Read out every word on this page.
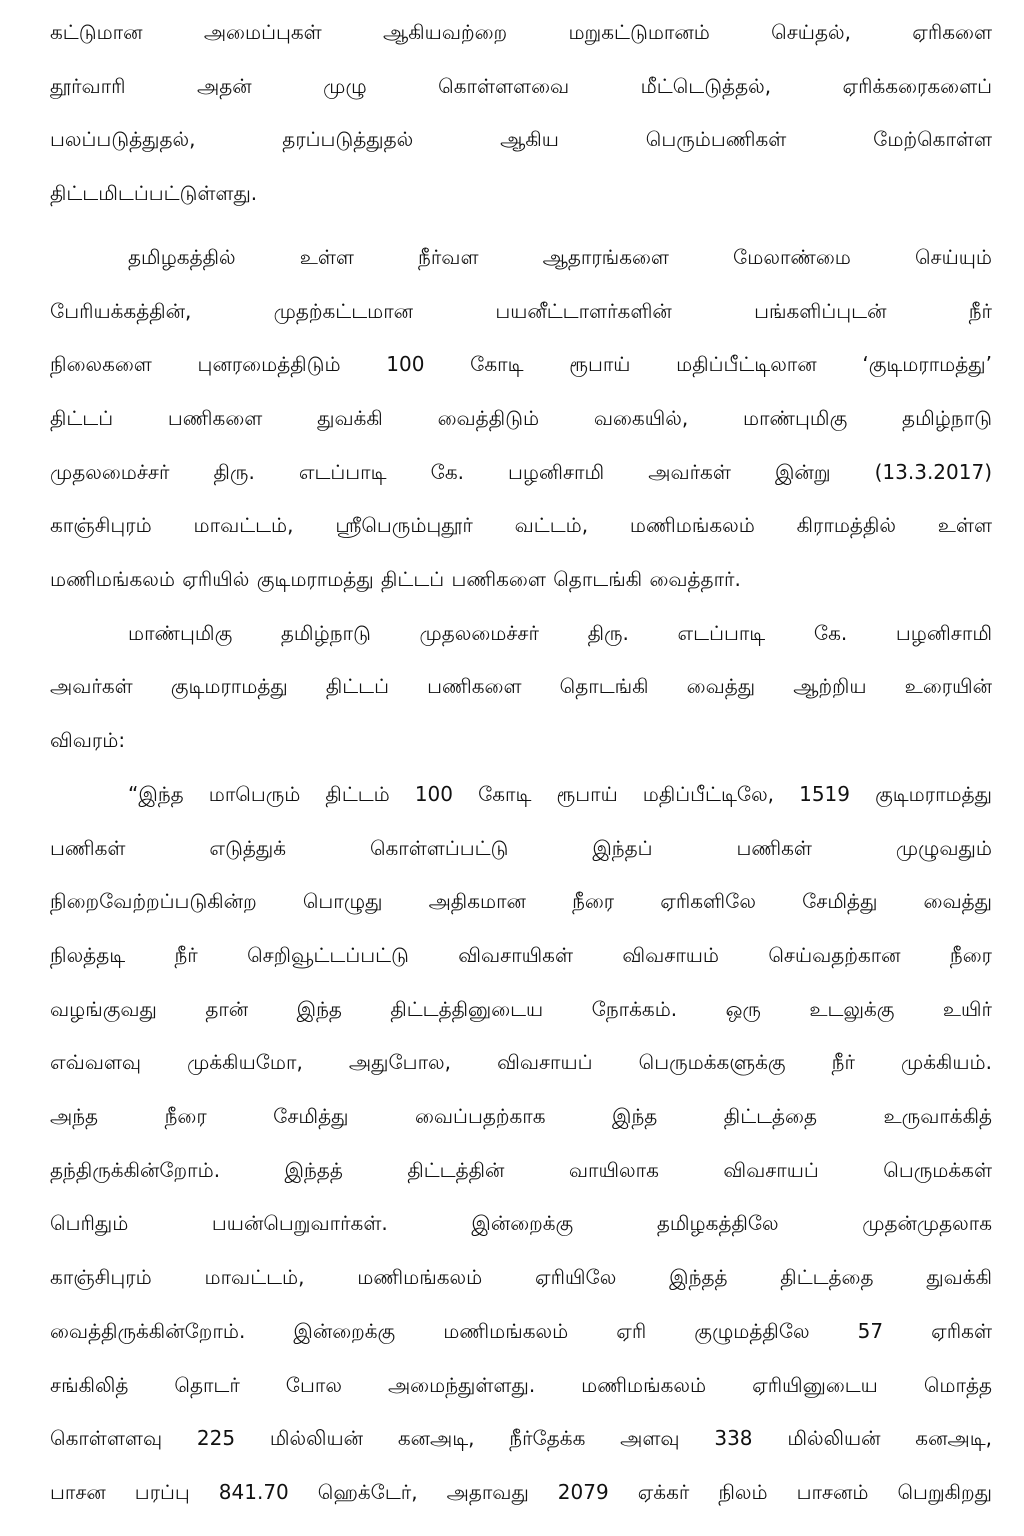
கட்டுமான அமைப்புகள் ஆகியவற்றை மறுகட்டுமானம் செய்தல், ஏரிகளை
தூர்வாரி அதன் முழு கொள்ளளவை மீட்டெடுத்தல், ஏரிக்கரைகளைப்
பலப்படுத்துதல், தரப்படுத்துதல் ஆகிய பெரும்பணிகள் மேற்கொள்ள
திட்டமிடப்பட்டுள்ளது.

தமிழகத்தில் உள்ள நீர்வள ஆதாரங்களை மேலாண்மை செய்யும்
பேரியக்கத்தின், முதற்கட்டமான பயனீட்டாளர்களின் பங்களிப்புடன் நீர்
நிலைகளை புனரமைத்திடும் 100 கோடி ரூபாய் மதிப்பீட்டிலான ‘குடிமராமத்து’
திட்டப் பணிகளை துவக்கி வைத்திடும் வகையில், மாண்புமிகு தமிழ்நாடு
முதலமைச்சர் திரு. எடப்பாடி கே. பழனிசாமி அவர்கள் இன்று (13.3.2017)
காஞ்சிபுரம் மாவட்டம், ஸ்ரீபெரும்புதூர் வட்டம், மணிமங்கலம் கிராமத்தில் உள்ள
மணிமங்கலம் ஏரியில் குடிமராமத்து திட்டப் பணிகளை தொடங்கி வைத்தார்.

மாண்புமிகு தமிழ்நாடு முதலமைச்சர் திரு. எடப்பாடி கே. பழனிசாமி
அவர்கள் குடிமராமத்து திட்டப் பணிகளை தொடங்கி வைத்து ஆற்றிய உரையின்
விவரம்:

“இந்த மாபெரும் திட்டம் 100 கோடி ரூபாய் மதிப்பீட்டிலே, 1519 குடிமராமத்து
பணிகள் எடுத்துக் கொள்ளப்பட்டு இந்தப் பணிகள் முழுவதும்
நிறைவேற்றப்படுகின்ற பொழுது அதிகமான நீரை ஏரிகளிலே சேமித்து வைத்து
நிலத்தடி நீர் செறிவூட்டப்பட்டு விவசாயிகள் விவசாயம் செய்வதற்கான நீரை
வழங்குவது தான் இந்த திட்டத்தினுடைய நோக்கம். ஒரு உடலுக்கு உயிர்
எவ்வளவு முக்கியமோ, அதுபோல, விவசாயப் பெருமக்களுக்கு நீர் முக்கியம்.
அந்த நீரை சேமித்து வைப்பதற்காக இந்த திட்டத்தை உருவாக்கித்
தந்திருக்கின்றோம். இந்தத் திட்டத்தின் வாயிலாக விவசாயப் பெருமக்கள்
பெரிதும் பயன்பெறுவார்கள். இன்றைக்கு தமிழகத்திலே முதன்முதலாக
காஞ்சிபுரம் மாவட்டம், மணிமங்கலம் ஏரியிலே இந்தத் திட்டத்தை துவக்கி
வைத்திருக்கின்றோம். இன்றைக்கு மணிமங்கலம் ஏரி குழுமத்திலே 57 ஏரிகள்
சங்கிலித் தொடர் போல அமைந்துள்ளது. மணிமங்கலம் ஏரியினுடைய மொத்த
கொள்ளளவு 225 மில்லியன் கனஅடி, நீர்தேக்க அளவு 338 மில்லியன் கனஅடி,
பாசன பரப்பு 841.70 ஹெக்டேர், அதாவது 2079 ஏக்கர் நிலம் பாசனம் பெறுகிறது
